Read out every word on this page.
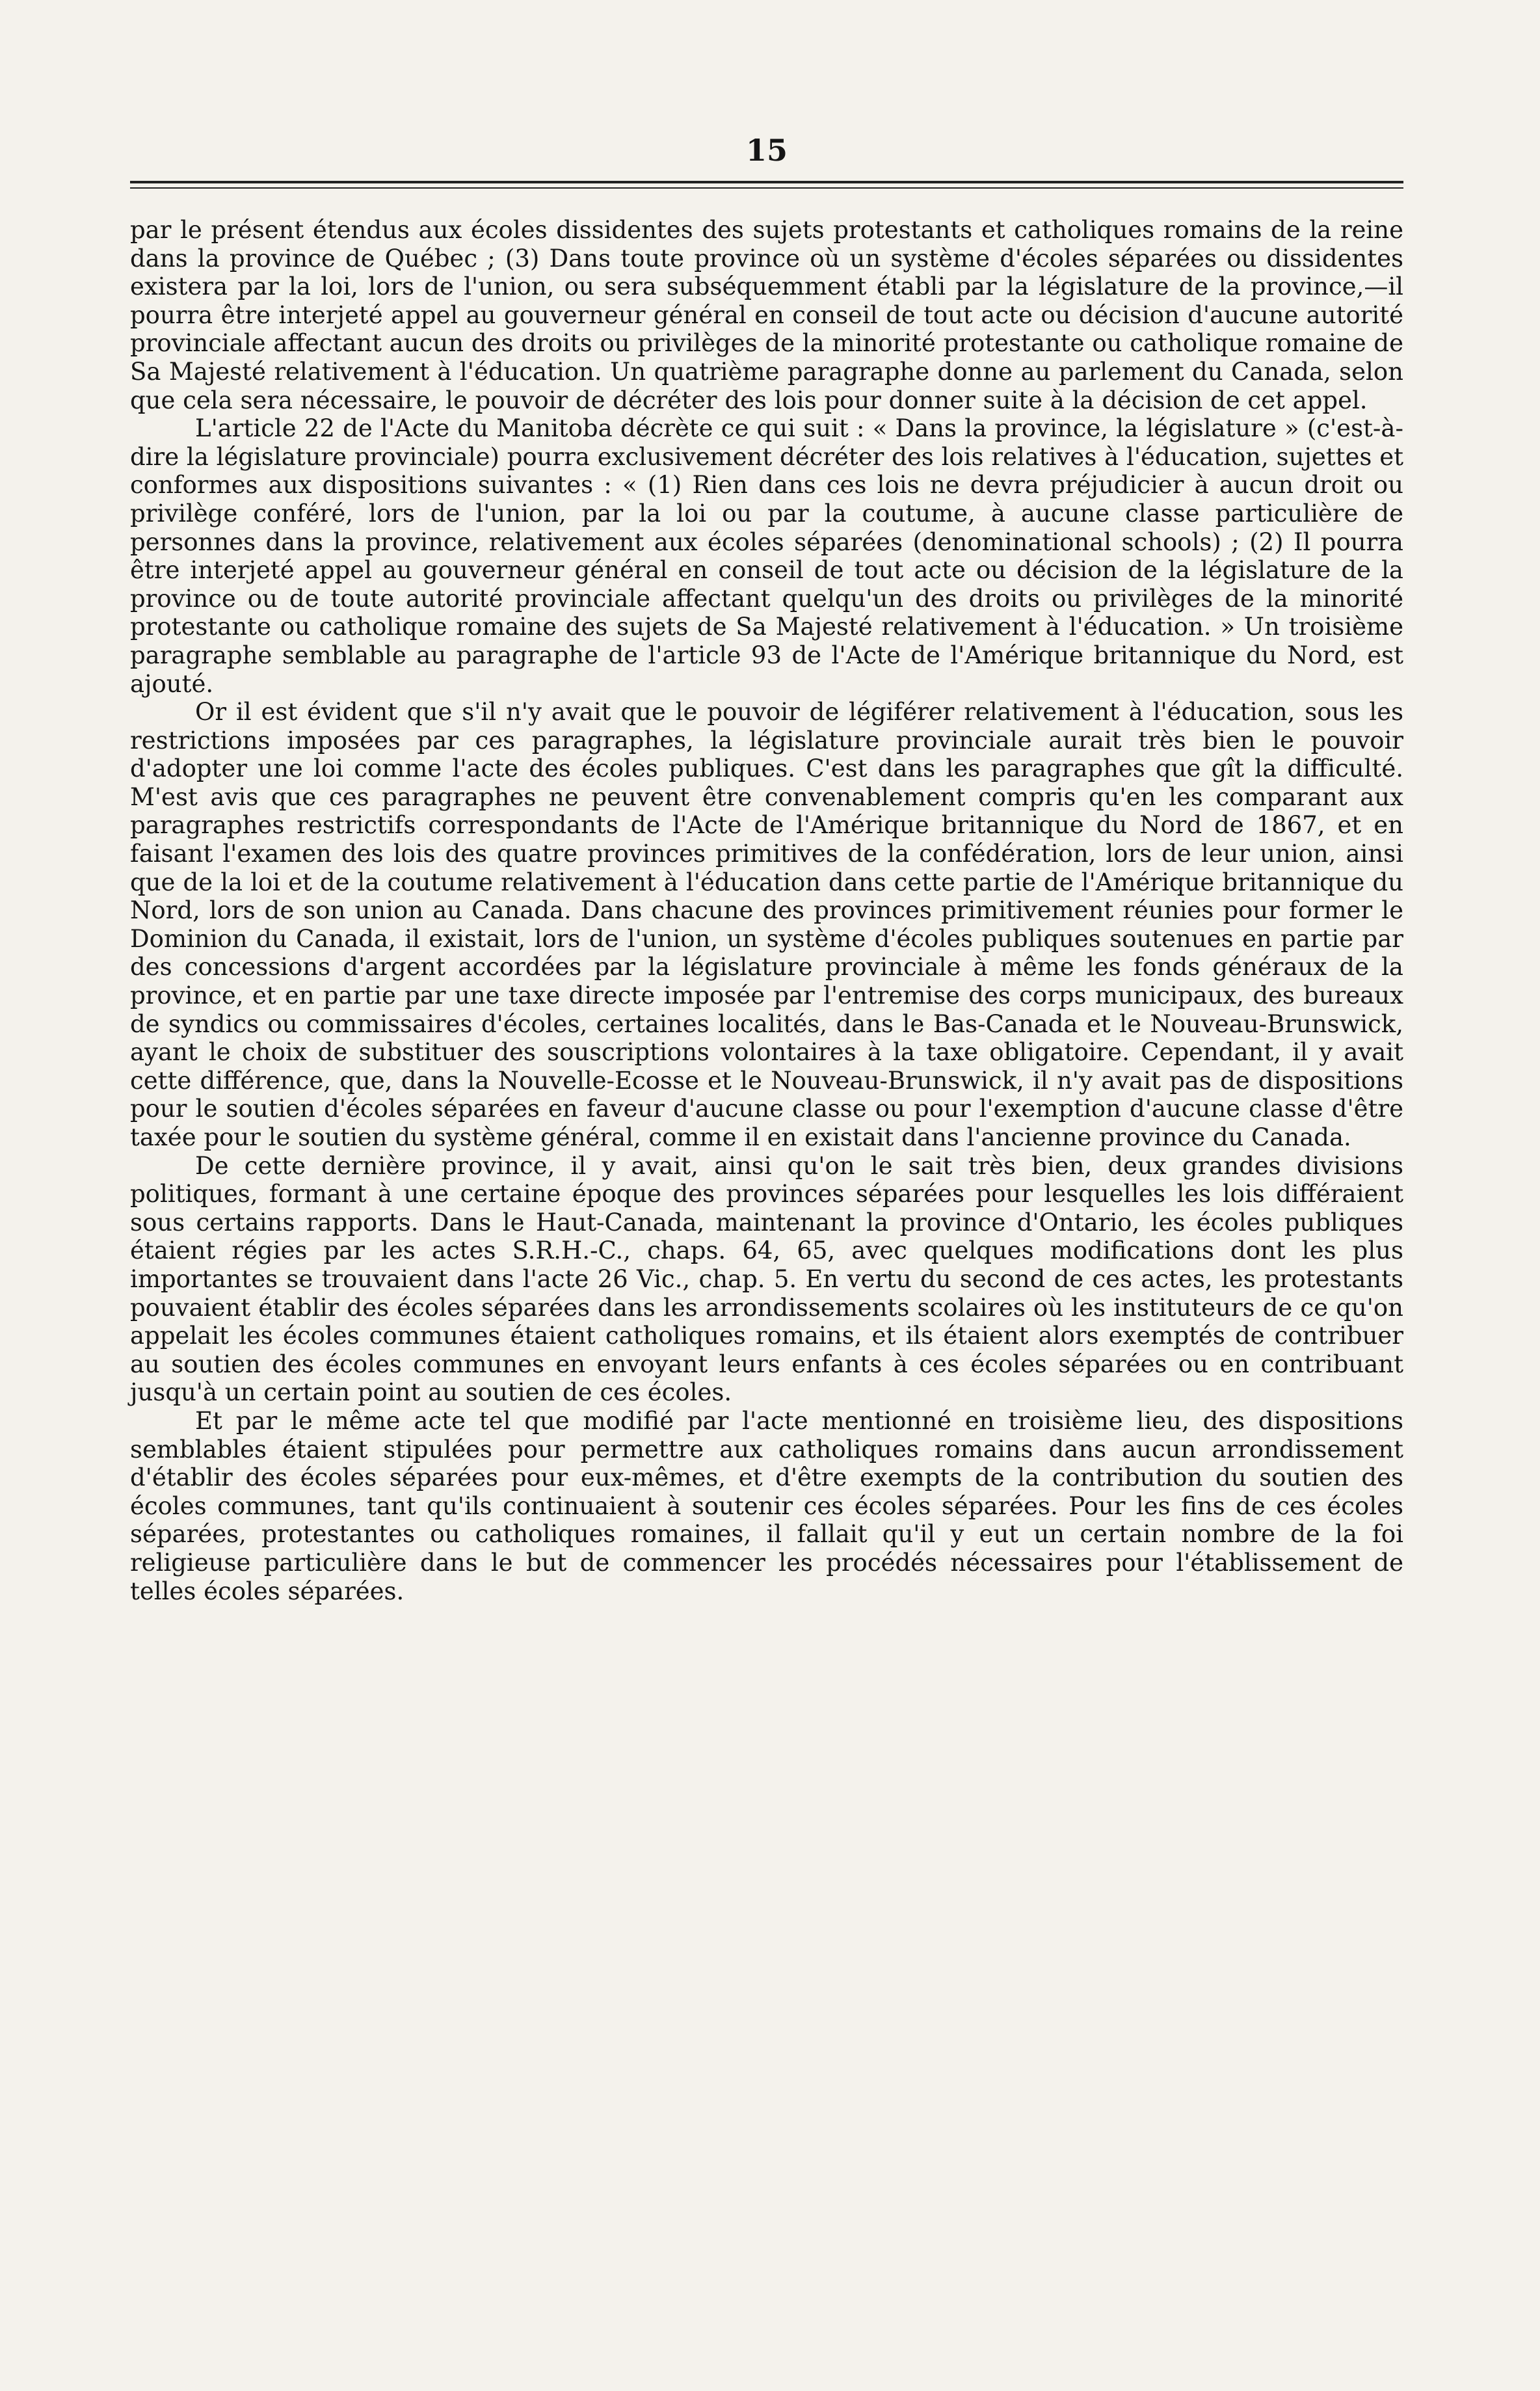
15

par le présent étendus aux écoles dissidentes des sujets protestants et catholiques romains de la reine dans la province de Québec ; (3) Dans toute province où un système d'écoles séparées ou dissidentes existera par la loi, lors de l'union, ou sera subséquemment établi par la législature de la province,—il pourra être interjeté appel au gouverneur général en conseil de tout acte ou décision d'aucune autorité provinciale affectant aucun des droits ou privilèges de la minorité protestante ou catholique romaine de Sa Majesté relativement à l'éducation. Un quatrième paragraphe donne au parlement du Canada, selon que cela sera nécessaire, le pouvoir de décréter des lois pour donner suite à la décision de cet appel.

L'article 22 de l'Acte du Manitoba décrète ce qui suit : « Dans la province, la législature » (c'est-à-dire la législature provinciale) pourra exclusivement décréter des lois relatives à l'éducation, sujettes et conformes aux dispositions suivantes : « (1) Rien dans ces lois ne devra préjudicier à aucun droit ou privilège conféré, lors de l'union, par la loi ou par la coutume, à aucune classe particulière de personnes dans la province, relativement aux écoles séparées (denominational schools) ; (2) Il pourra être interjeté appel au gouverneur général en conseil de tout acte ou décision de la législature de la province ou de toute autorité provinciale affectant quelqu'un des droits ou privilèges de la minorité protestante ou catholique romaine des sujets de Sa Majesté relativement à l'éducation. » Un troisième paragraphe semblable au paragraphe de l'article 93 de l'Acte de l'Amérique britannique du Nord, est ajouté.

Or il est évident que s'il n'y avait que le pouvoir de légiférer relativement à l'éducation, sous les restrictions imposées par ces paragraphes, la législature provinciale aurait très bien le pouvoir d'adopter une loi comme l'acte des écoles publiques. C'est dans les paragraphes que gît la difficulté. M'est avis que ces paragraphes ne peuvent être convenablement compris qu'en les comparant aux paragraphes restrictifs correspondants de l'Acte de l'Amérique britannique du Nord de 1867, et en faisant l'examen des lois des quatre provinces primitives de la confédération, lors de leur union, ainsi que de la loi et de la coutume relativement à l'éducation dans cette partie de l'Amérique britannique du Nord, lors de son union au Canada. Dans chacune des provinces primitivement réunies pour former le Dominion du Canada, il existait, lors de l'union, un système d'écoles publiques soutenues en partie par des concessions d'argent accordées par la législature provinciale à même les fonds généraux de la province, et en partie par une taxe directe imposée par l'entremise des corps municipaux, des bureaux de syndics ou commissaires d'écoles, certaines localités, dans le Bas-Canada et le Nouveau-Brunswick, ayant le choix de substituer des souscriptions volontaires à la taxe obligatoire. Cependant, il y avait cette différence, que, dans la Nouvelle-Ecosse et le Nouveau-Brunswick, il n'y avait pas de dispositions pour le soutien d'écoles séparées en faveur d'aucune classe ou pour l'exemption d'aucune classe d'être taxée pour le soutien du système général, comme il en existait dans l'ancienne province du Canada.

De cette dernière province, il y avait, ainsi qu'on le sait très bien, deux grandes divisions politiques, formant à une certaine époque des provinces séparées pour lesquelles les lois différaient sous certains rapports. Dans le Haut-Canada, maintenant la province d'Ontario, les écoles publiques étaient régies par les actes S.R.H.-C., chaps. 64, 65, avec quelques modifications dont les plus importantes se trouvaient dans l'acte 26 Vic., chap. 5. En vertu du second de ces actes, les protestants pouvaient établir des écoles séparées dans les arrondissements scolaires où les instituteurs de ce qu'on appelait les écoles communes étaient catholiques romains, et ils étaient alors exemptés de contribuer au soutien des écoles communes en envoyant leurs enfants à ces écoles séparées ou en contribuant jusqu'à un certain point au soutien de ces écoles.

Et par le même acte tel que modifié par l'acte mentionné en troisième lieu, des dispositions semblables étaient stipulées pour permettre aux catholiques romains dans aucun arrondissement d'établir des écoles séparées pour eux-mêmes, et d'être exempts de la contribution du soutien des écoles communes, tant qu'ils continuaient à soutenir ces écoles séparées. Pour les fins de ces écoles séparées, protestantes ou catholiques romaines, il fallait qu'il y eut un certain nombre de la foi religieuse particulière dans le but de commencer les procédés nécessaires pour l'établissement de telles écoles séparées.
